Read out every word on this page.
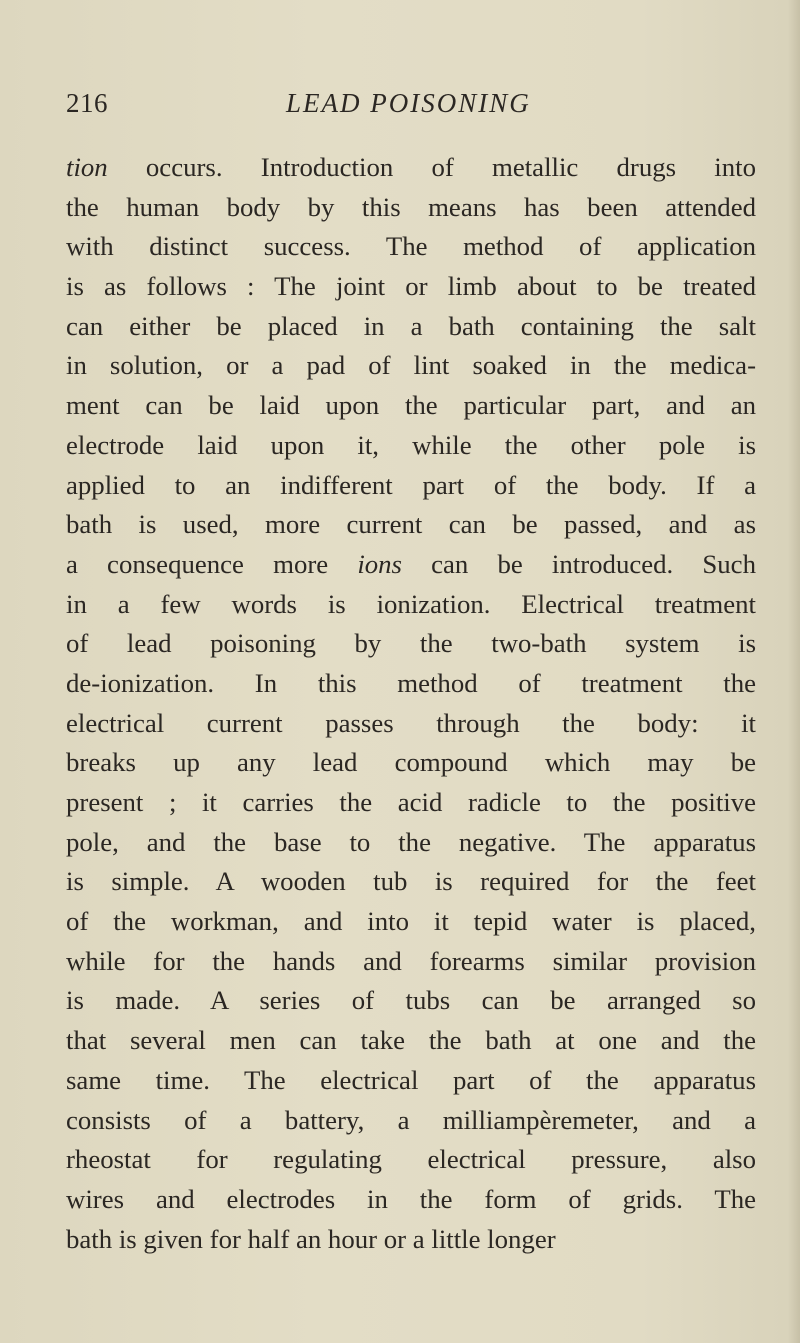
216	LEAD POISONING
tion occurs. Introduction of metallic drugs into
the human body by this means has been attended
with distinct success. The method of application
is as follows : The joint or limb about to be treated
can either be placed in a bath containing the salt
in solution, or a pad of lint soaked in the medica-
ment can be laid upon the particular part, and an
electrode laid upon it, while the other pole is
applied to an indifferent part of the body. If a
bath is used, more current can be passed, and as
a consequence more ions can be introduced. Such
in a few words is ionization. Electrical treatment
of lead poisoning by the two-bath system is
de-ionization. In this method of treatment the
electrical current passes through the body: it
breaks up any lead compound which may be
present ; it carries the acid radicle to the positive
pole, and the base to the negative. The apparatus
is simple. A wooden tub is required for the feet
of the workman, and into it tepid water is placed,
while for the hands and forearms similar provision
is made. A series of tubs can be arranged so
that several men can take the bath at one and the
same time. The electrical part of the apparatus
consists of a battery, a milliampèremeter, and a
rheostat for regulating electrical pressure, also
wires and electrodes in the form of grids. The
bath is given for half an hour or a little longer
